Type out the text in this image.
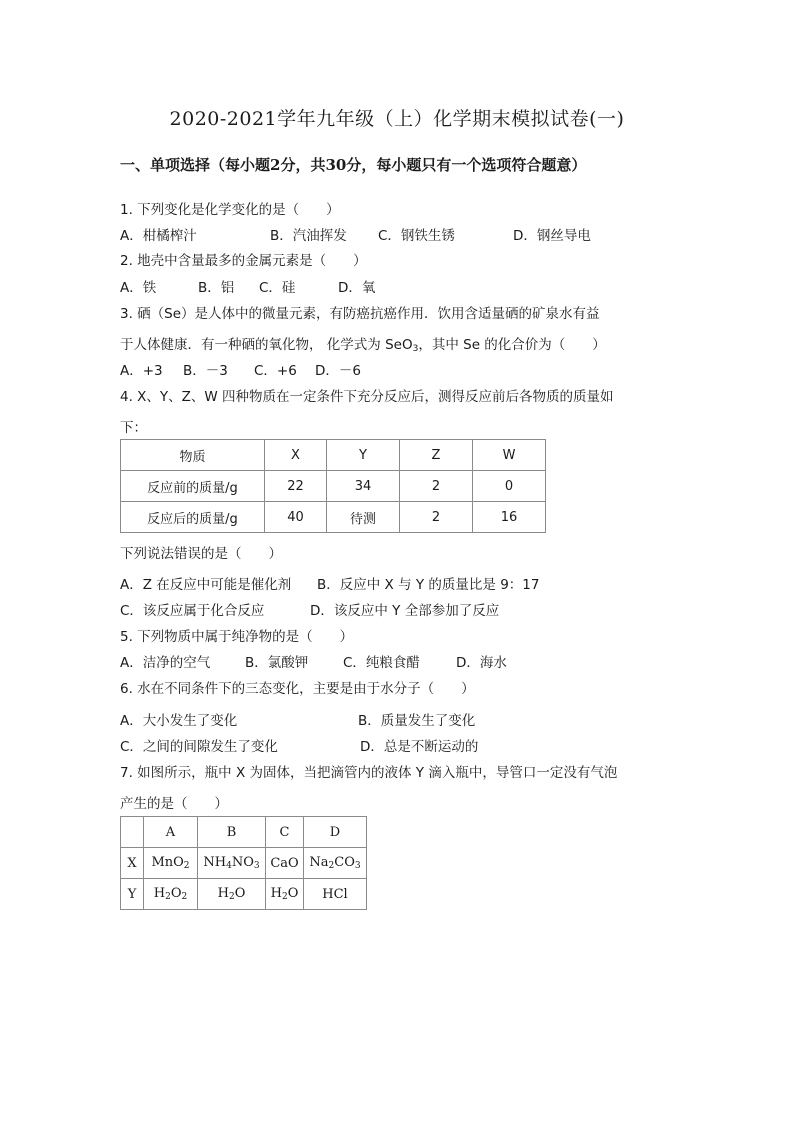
2020-2021学年九年级（上）化学期末模拟试卷(一)
一、单项选择（每小题2分，共30分，每小题只有一个选项符合题意）
1. 下列变化是化学变化的是（　　）
A．柑橘榨汁	B．汽油挥发 C．钢铁生锈	D．钢丝导电
2. 地壳中含量最多的金属元素是（　　）
A．铁	B．铝 C．硅	D．氧
3. 硒（Se）是人体中的微量元素，有防癌抗癌作用．饮用含适量硒的矿泉水有益
于人体健康．有一种硒的氧化物， 化学式为 SeO$_3$，其中 Se 的化合价为（　　）
A．+3 B．－3 C．+6 D．－6
4. X、Y、Z、W 四种物质在一定条件下充分反应后，测得反应前后各物质的质量如
下：
物质	X	Y	Z	W
反应前的质量/g	22	34	2	0
反应后的质量/g	40	待测	2	16
下列说法错误的是（　　）
A．Z 在反应中可能是催化剂 B．反应中 X 与 Y 的质量比是 9：17
C．该反应属于化合反应	D．该反应中 Y 全部参加了反应
5. 下列物质中属于纯净物的是（　　）
A．洁净的空气	B．氯酸钾	C．纯粮食醋	D．海水
6. 水在不同条件下的三态变化，主要是由于水分子（　　）
A．大小发生了变化	B．质量发生了变化
C．之间的间隙发生了变化	D．总是不断运动的
7. 如图所示，瓶中 X 为固体，当把滴管内的液体 Y 滴入瓶中，导管口一定没有气泡
产生的是（　　）
	A	B	C	D
X	MnO$_2$	$NH_4NO_3$	CaO	$Na_2CO_3$
Y	$H_2O_2$	$H_2O$	$H_2O$	HCl
